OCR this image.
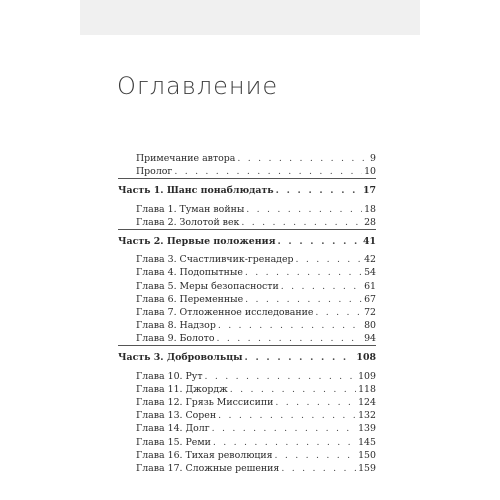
Оглавление
Примечание автора . . .	9
Пролог . . .	10
Часть 1. Шанс понаблюдать . . .	17
Глава 1. Туман войны . . .	18
Глава 2. Золотой век . . .	28
Часть 2. Первые положения . . .	41
Глава 3. Счастливчик-гренадер . . .	42
Глава 4. Подопытные . . .	54
Глава 5. Меры безопасности . . .	61
Глава 6. Переменные . . .	67
Глава 7. Отложенное исследование . . .	72
Глава 8. Надзор . . .	80
Глава 9. Болото . . .	94
Часть 3. Добровольцы . . .	108
Глава 10. Рут . . .	109
Глава 11. Джордж . . .	118
Глава 12. Грязь Миссисипи . . .	124
Глава 13. Сорен . . .	132
Глава 14. Долг . . .	139
Глава 15. Реми . . .	145
Глава 16. Тихая революция . . .	150
Глава 17. Сложные решения . . .	159
